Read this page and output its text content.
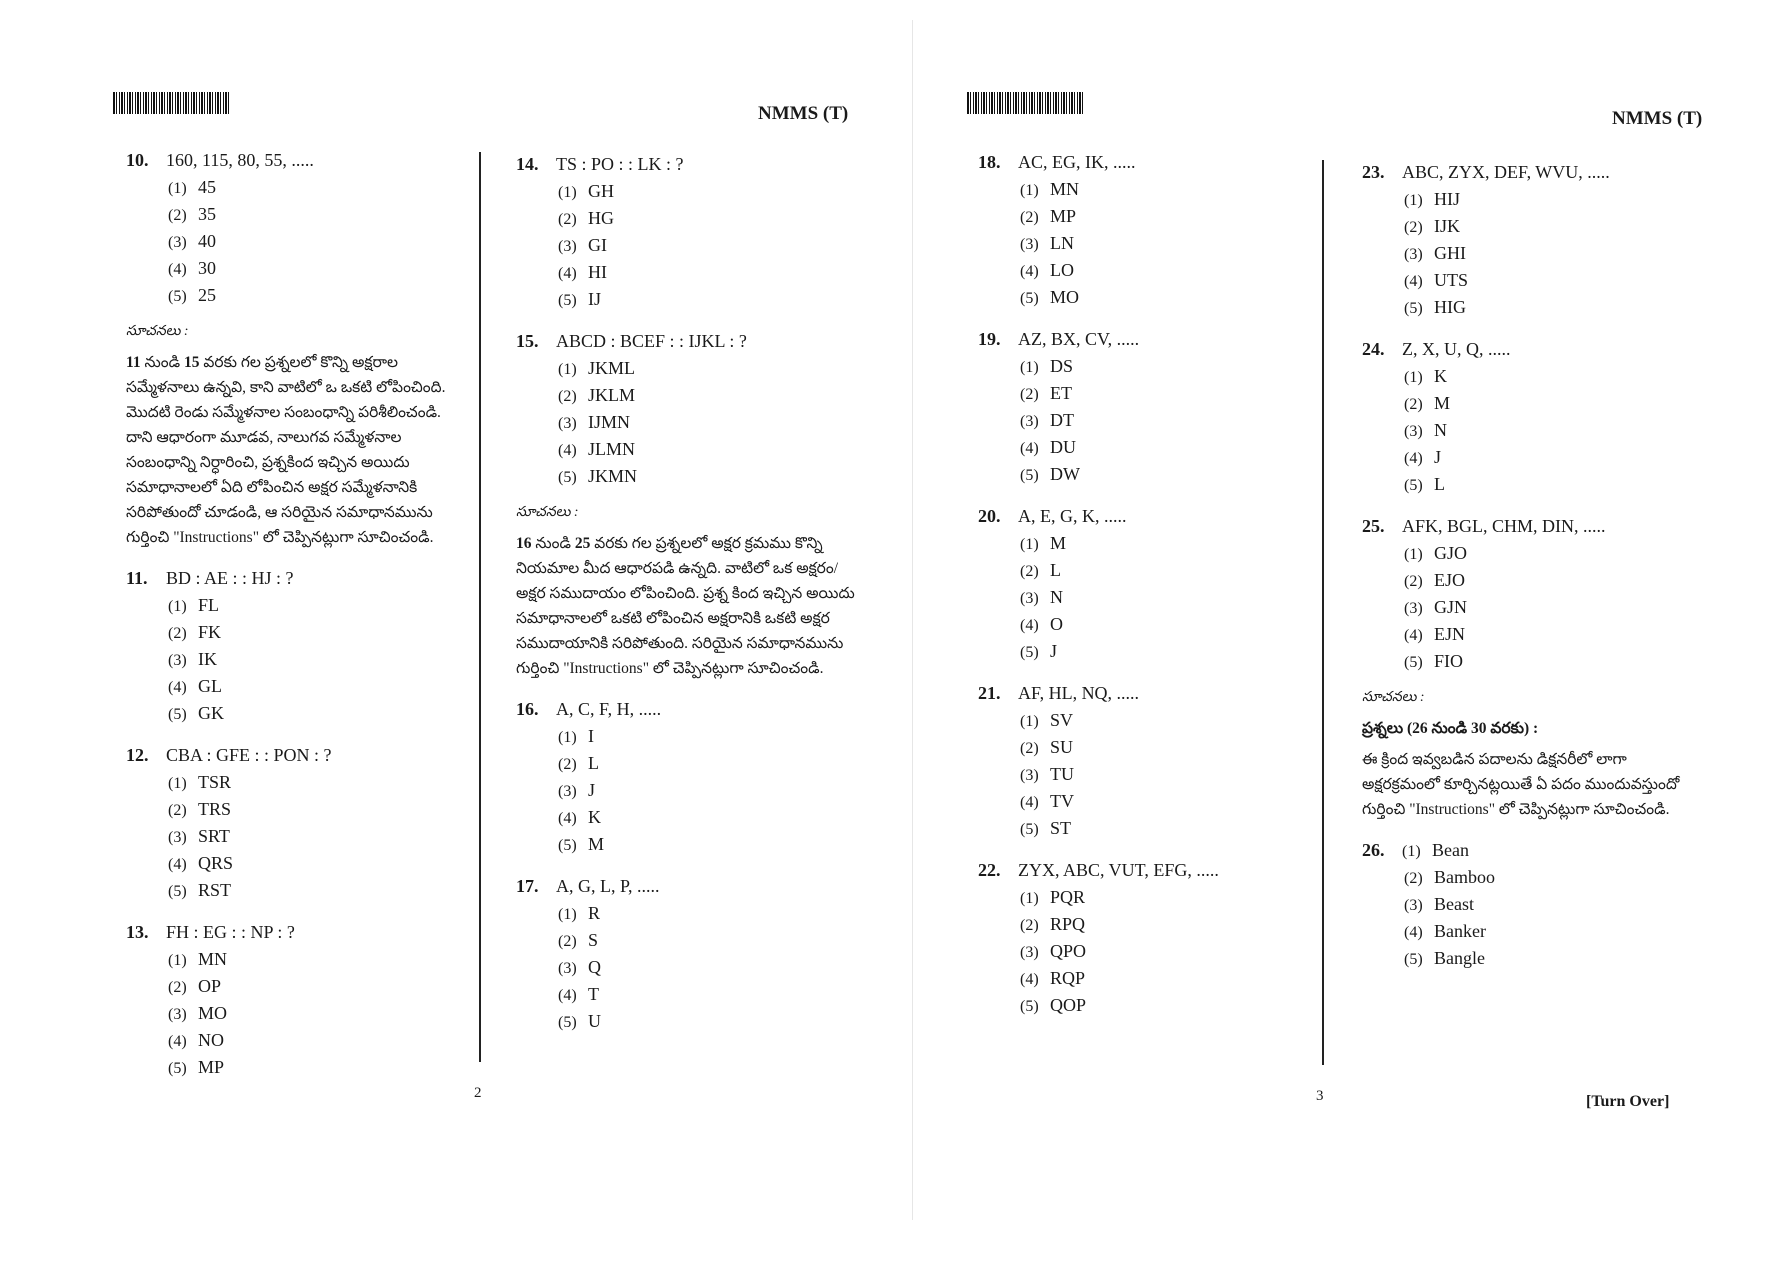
NMMS (T)	NMMS (T)
10. 160, 115, 80, 55, .....
(1) 45
(2) 35
(3) 40
(4) 30
(5) 25
సూచనలు :
11 నుండి 15 వరకు గల ప్రశ్నలలో కొన్ని అక్షరాల సమ్మేళనాలు ఉన్నవి, కాని వాటిలో ఒ ఒకటి లోపించింది. మొదటి రెండు సమ్మేళనాల సంబంధాన్ని పరిశీలించండి. దాని ఆధారంగా మూడవ, నాలుగవ సమ్మేళనాల సంబంధాన్ని నిర్ధారించి, ప్రశ్నకింద ఇచ్చిన అయిదు సమాధానాలలో ఏది లోపించిన అక్షర సమ్మేళనానికి సరిపోతుందో చూడండి, ఆ సరియైన సమాధానమును గుర్తించి "Instructions" లో చెప్పినట్లుగా సూచించండి.
11. BD : AE : : HJ : ?
(1) FL
(2) FK
(3) IK
(4) GL
(5) GK
12. CBA : GFE : : PON : ?
(1) TSR
(2) TRS
(3) SRT
(4) QRS
(5) RST
13. FH : EG : : NP : ?
(1) MN
(2) OP
(3) MO
(4) NO
(5) MP
14. TS : PO : : LK : ?
(1) GH
(2) HG
(3) GI
(4) HI
(5) IJ
15. ABCD : BCEF : : IJKL : ?
(1) JKML
(2) JKLM
(3) IJMN
(4) JLMN
(5) JKMN
సూచనలు :
16 నుండి 25 వరకు గల ప్రశ్నలలో అక్షర క్రమము కొన్ని నియమాల మీద ఆధారపడి ఉన్నది. వాటిలో ఒక అక్షరం/అక్షర సముదాయం లోపించింది. ప్రశ్న కింద ఇచ్చిన అయిదు సమాధానాలలో ఒకటి లోపించిన అక్షరానికి ఒకటి అక్షర సముదాయానికి సరిపోతుంది. సరియైన సమాధానమును గుర్తించి "Instructions" లో చెప్పినట్లుగా సూచించండి.
16. A, C, F, H, .....
(1) I
(2) L
(3) J
(4) K
(5) M
17. A, G, L, P, .....
(1) R
(2) S
(3) Q
(4) T
(5) U
18. AC, EG, IK, .....
(1) MN
(2) MP
(3) LN
(4) LO
(5) MO
19. AZ, BX, CV, .....
(1) DS
(2) ET
(3) DT
(4) DU
(5) DW
20. A, E, G, K, .....
(1) M
(2) L
(3) N
(4) O
(5) J
21. AF, HL, NQ, .....
(1) SV
(2) SU
(3) TU
(4) TV
(5) ST
22. ZYX, ABC, VUT, EFG, .....
(1) PQR
(2) RPQ
(3) QPO
(4) RQP
(5) QOP
23. ABC, ZYX, DEF, WVU, .....
(1) HIJ
(2) IJK
(3) GHI
(4) UTS
(5) HIG
24. Z, X, U, Q, .....
(1) K
(2) M
(3) N
(4) J
(5) L
25. AFK, BGL, CHM, DIN, .....
(1) GJO
(2) EJO
(3) GJN
(4) EJN
(5) FIO
సూచనలు :
ప్రశ్నలు (26 నుండి 30 వరకు) :
ఈ క్రింద ఇవ్వబడిన పదాలను డిక్షనరీలో లాగా అక్షరక్రమంలో కూర్చినట్లయితే ఏ పదం ముందువస్తుందో గుర్తించి "Instructions" లో చెప్పినట్లుగా సూచించండి.
26. (1) Bean
(2) Bamboo
(3) Beast
(4) Banker
(5) Bangle
2	3	[Turn Over]
